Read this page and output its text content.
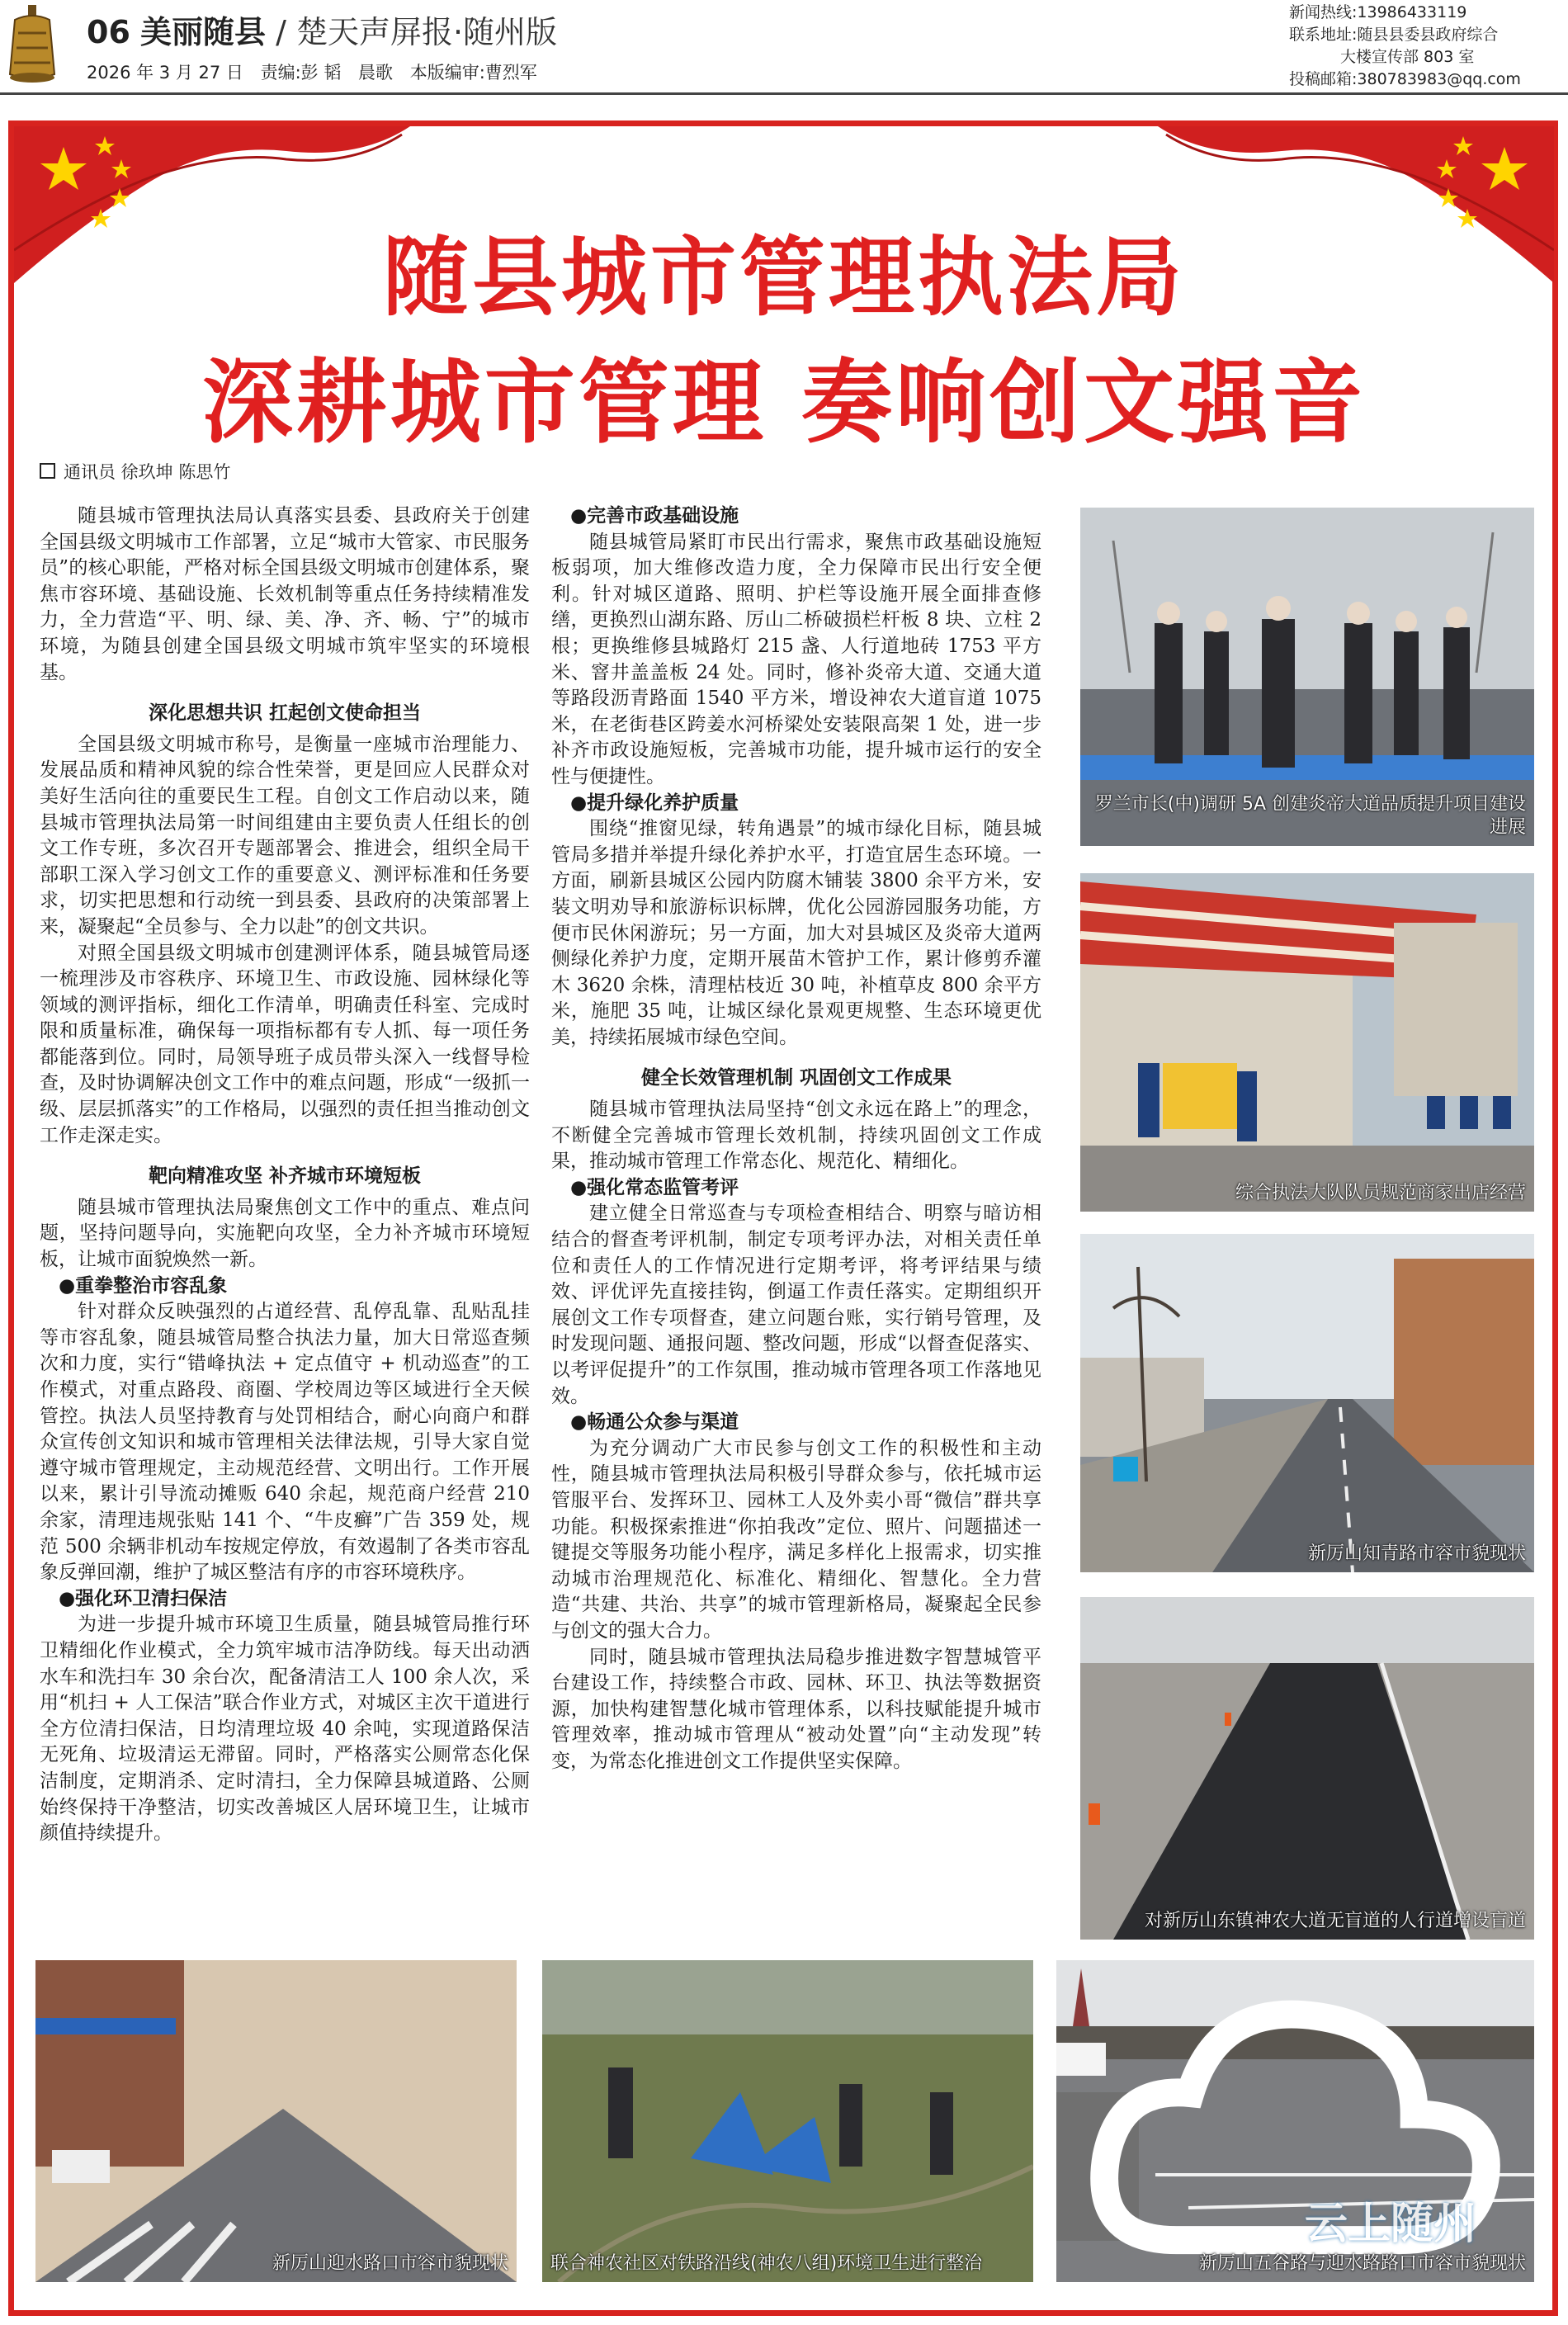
06 美丽随县 / 楚天声屏报·随州版
2026 年 3 月 27 日 责编:彭 韬 晨歌 本版编审:曹烈军
新闻热线:13986433119
联系地址:随县县委县政府综合
大楼宣传部 803 室
投稿邮箱:380783983@qq.com
随县城市管理执法局
深耕城市管理 奏响创文强音
通讯员 徐玖坤 陈思竹

随县城市管理执法局认真落实县委、县政府关于创建全国县级文明城市工作部署，立足“城市大管家、市民服务员”的核心职能，严格对标全国县级文明城市创建体系，聚焦市容环境、基础设施、长效机制等重点任务持续精准发力，全力营造“平、明、绿、美、净、齐、畅、宁”的城市环境，为随县创建全国县级文明城市筑牢坚实的环境根基。

深化思想共识 扛起创文使命担当

全国县级文明城市称号，是衡量一座城市治理能力、发展品质和精神风貌的综合性荣誉，更是回应人民群众对美好生活向往的重要民生工程。自创文工作启动以来，随县城市管理执法局第一时间组建由主要负责人任组长的创文工作专班，多次召开专题部署会、推进会，组织全局干部职工深入学习创文工作的重要意义、测评标准和任务要求，切实把思想和行动统一到县委、县政府的决策部署上来，凝聚起“全员参与、全力以赴”的创文共识。

对照全国县级文明城市创建测评体系，随县城管局逐一梳理涉及市容秩序、环境卫生、市政设施、园林绿化等领域的测评指标，细化工作清单，明确责任科室、完成时限和质量标准，确保每一项指标都有专人抓、每一项任务都能落到位。同时，局领导班子成员带头深入一线督导检查，及时协调解决创文工作中的难点问题，形成“一级抓一级、层层抓落实”的工作格局，以强烈的责任担当推动创文工作走深走实。

靶向精准攻坚 补齐城市环境短板

随县城市管理执法局聚焦创文工作中的重点、难点问题，坚持问题导向，实施靶向攻坚，全力补齐城市环境短板，让城市面貌焕然一新。

●重拳整治市容乱象

针对群众反映强烈的占道经营、乱停乱靠、乱贴乱挂等市容乱象，随县城管局整合执法力量，加大日常巡查频次和力度，实行“错峰执法 + 定点值守 + 机动巡查”的工作模式，对重点路段、商圈、学校周边等区域进行全天候管控。执法人员坚持教育与处罚相结合，耐心向商户和群众宣传创文知识和城市管理相关法律法规，引导大家自觉遵守城市管理规定，主动规范经营、文明出行。工作开展以来，累计引导流动摊贩 640 余起，规范商户经营 210 余家，清理违规张贴 141 个、“牛皮癣”广告 359 处，规范 500 余辆非机动车按规定停放，有效遏制了各类市容乱象反弹回潮，维护了城区整洁有序的市容环境秩序。

●强化环卫清扫保洁

为进一步提升城市环境卫生质量，随县城管局推行环卫精细化作业模式，全力筑牢城市洁净防线。每天出动洒水车和洗扫车 30 余台次，配备清洁工人 100 余人次，采用“机扫 + 人工保洁”联合作业方式，对城区主次干道进行全方位清扫保洁，日均清理垃圾 40 余吨，实现道路保洁无死角、垃圾清运无滞留。同时，严格落实公厕常态化保洁制度，定期消杀、定时清扫，全力保障县城道路、公厕始终保持干净整洁，切实改善城区人居环境卫生，让城市颜值持续提升。

●完善市政基础设施

随县城管局紧盯市民出行需求，聚焦市政基础设施短板弱项，加大维修改造力度，全力保障市民出行安全便利。针对城区道路、照明、护栏等设施开展全面排查修缮，更换烈山湖东路、厉山二桥破损栏杆板 8 块、立柱 2 根；更换维修县城路灯 215 盏、人行道地砖 1753 平方米、窨井盖盖板 24 处。同时，修补炎帝大道、交通大道等路段沥青路面 1540 平方米，增设神农大道盲道 1075 米，在老街巷区跨姜水河桥梁处安装限高架 1 处，进一步补齐市政设施短板，完善城市功能，提升城市运行的安全性与便捷性。

●提升绿化养护质量

围绕“推窗见绿，转角遇景”的城市绿化目标，随县城管局多措并举提升绿化养护水平，打造宜居生态环境。一方面，刷新县城区公园内防腐木铺装 3800 余平方米，安装文明劝导和旅游标识标牌，优化公园游园服务功能，方便市民休闲游玩；另一方面，加大对县城区及炎帝大道两侧绿化养护力度，定期开展苗木管护工作，累计修剪乔灌木 3620 余株，清理枯枝近 30 吨，补植草皮 800 余平方米，施肥 35 吨，让城区绿化景观更规整、生态环境更优美，持续拓展城市绿色空间。

健全长效管理机制 巩固创文工作成果

随县城市管理执法局坚持“创文永远在路上”的理念，不断健全完善城市管理长效机制，持续巩固创文工作成果，推动城市管理工作常态化、规范化、精细化。

●强化常态监管考评

建立健全日常巡查与专项检查相结合、明察与暗访相结合的督查考评机制，制定专项考评办法，对相关责任单位和责任人的工作情况进行定期考评，将考评结果与绩效、评优评先直接挂钩，倒逼工作责任落实。定期组织开展创文工作专项督查，建立问题台账，实行销号管理，及时发现问题、通报问题、整改问题，形成“以督查促落实、以考评促提升”的工作氛围，推动城市管理各项工作落地见效。

●畅通公众参与渠道

为充分调动广大市民参与创文工作的积极性和主动性，随县城市管理执法局积极引导群众参与，依托城市运管服平台、发挥环卫、园林工人及外卖小哥“微信”群共享功能。积极探索推进“你拍我改”定位、照片、问题描述一键提交等服务功能小程序，满足多样化上报需求，切实推动城市治理规范化、标准化、精细化、智慧化。全力营造“共建、共治、共享”的城市管理新格局，凝聚起全民参与创文的强大合力。

同时，随县城市管理执法局稳步推进数字智慧城管平台建设工作，持续整合市政、园林、环卫、执法等数据资源，加快构建智慧化城市管理体系，以科技赋能提升城市管理效率，推动城市管理从“被动处置”向“主动发现”转变，为常态化推进创文工作提供坚实保障。

罗兰市长(中)调研 5A 创建炎帝大道品质提升项目建设进展
综合执法大队队员规范商家出店经营
新厉山知青路市容市貌现状
对新厉山东镇神农大道无盲道的人行道增设盲道
新厉山迎水路口市容市貌现状 联合神农社区对铁路沿线(神农八组)环境卫生进行整治
云上随州
新厉山五谷路与迎水路路口市容市貌现状
